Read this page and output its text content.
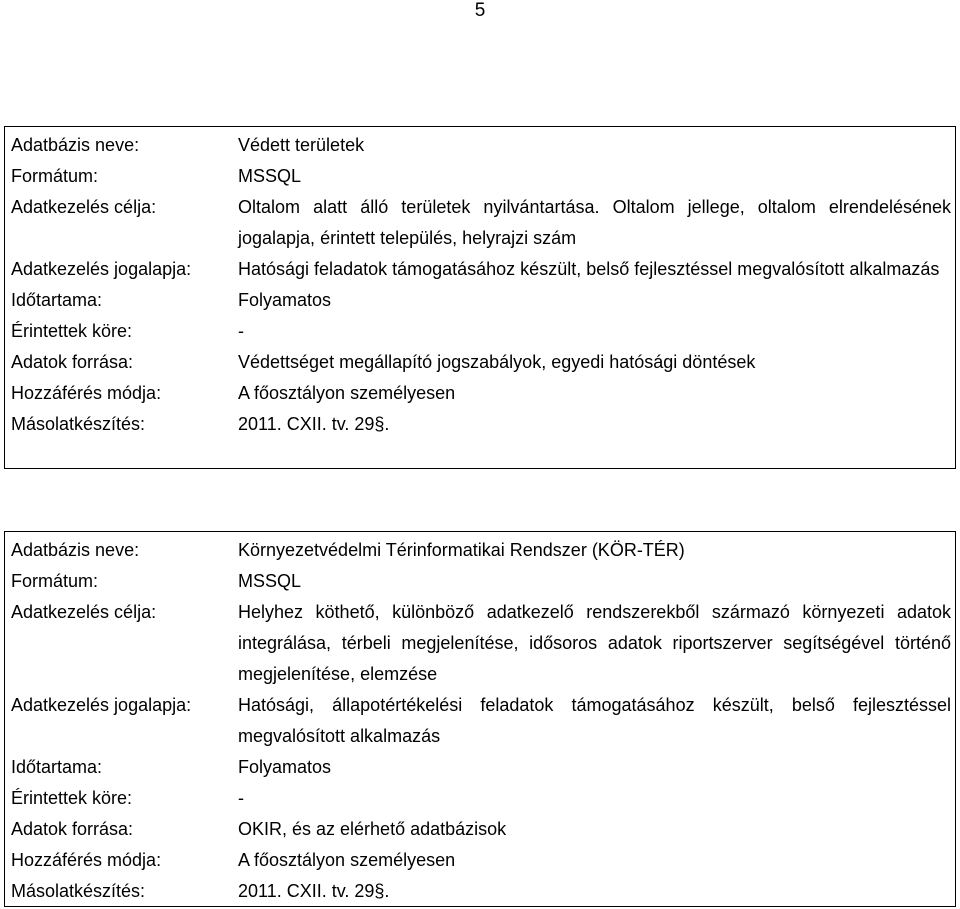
5
Adatbázis neve:	Védett területek
Formátum:	MSSQL
Adatkezelés célja:	Oltalom alatt álló területek nyilvántartása. Oltalom jellege, oltalom elrendelésének jogalapja, érintett település, helyrajzi szám
Adatkezelés jogalapja:	Hatósági feladatok támogatásához készült, belső fejlesztéssel megvalósított alkalmazás
Időtartama:	Folyamatos
Érintettek köre:	-
Adatok forrása:	Védettséget megállapító jogszabályok, egyedi hatósági döntések
Hozzáférés módja:	A főosztályon személyesen
Másolatkészítés:	2011. CXII. tv. 29§.
Adatbázis neve:	Környezetvédelmi Térinformatikai Rendszer (KÖR-TÉR)
Formátum:	MSSQL
Adatkezelés célja:	Helyhez köthető, különböző adatkezelő rendszerekből származó környezeti adatok integrálása, térbeli megjelenítése, idősoros adatok riportszerver segítségével történő megjelenítése, elemzése
Adatkezelés jogalapja:	Hatósági, állapotértékelési feladatok támogatásához készült, belső fejlesztéssel megvalósított alkalmazás
Időtartama:	Folyamatos
Érintettek köre:	-
Adatok forrása:	OKIR, és az elérhető adatbázisok
Hozzáférés módja:	A főosztályon személyesen
Másolatkészítés:	2011. CXII. tv. 29§.
